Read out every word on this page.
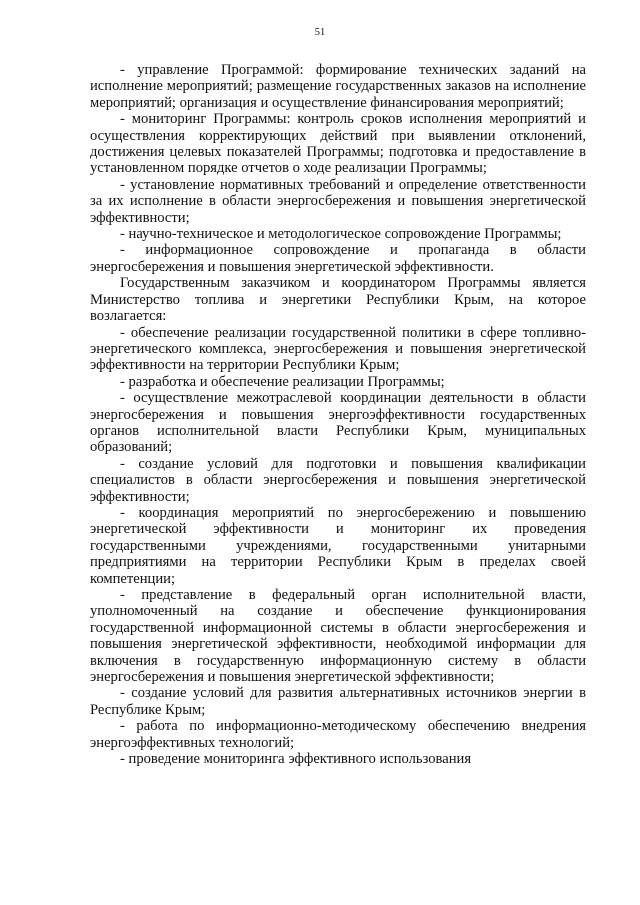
51

- управление Программой: формирование технических заданий на исполнение мероприятий; размещение государственных заказов на исполнение мероприятий; организация и осуществление финансирования мероприятий;

- мониторинг Программы: контроль сроков исполнения мероприятий и осуществления корректирующих действий при выявлении отклонений, достижения целевых показателей Программы; подготовка и предоставление в установленном порядке отчетов о ходе реализации Программы;

- установление нормативных требований и определение ответственности за их исполнение в области энергосбережения и повышения энергетической эффективности;

- научно-техническое и методологическое сопровождение Программы;

- информационное сопровождение и пропаганда в области энергосбережения и повышения энергетической эффективности.

Государственным заказчиком и координатором Программы является Министерство топлива и энергетики Республики Крым, на которое возлагается:

- обеспечение реализации государственной политики в сфере топливно- энергетического комплекса, энергосбережения и повышения энергетической эффективности на территории Республики Крым;

- разработка и обеспечение реализации Программы;

- осуществление межотраслевой координации деятельности в области энергосбережения и повышения энергоэффективности государственных органов исполнительной власти Республики Крым, муниципальных образований;

- создание условий для подготовки и повышения квалификации специалистов в области энергосбережения и повышения энергетической эффективности;

- координация мероприятий по энергосбережению и повышению энергетической эффективности и мониторинг их проведения государственными учреждениями, государственными унитарными предприятиями на территории Республики Крым в пределах своей компетенции;

- представление в федеральный орган исполнительной власти, уполномоченный на создание и обеспечение функционирования государственной информационной системы в области энергосбережения и повышения энергетической эффективности, необходимой информации для включения в государственную информационную систему в области энергосбережения и повышения энергетической эффективности;

- создание условий для развития альтернативных источников энергии в Республике Крым;

- работа по информационно-методическому обеспечению внедрения энергоэффективных технологий;

- проведение мониторинга эффективного использования
